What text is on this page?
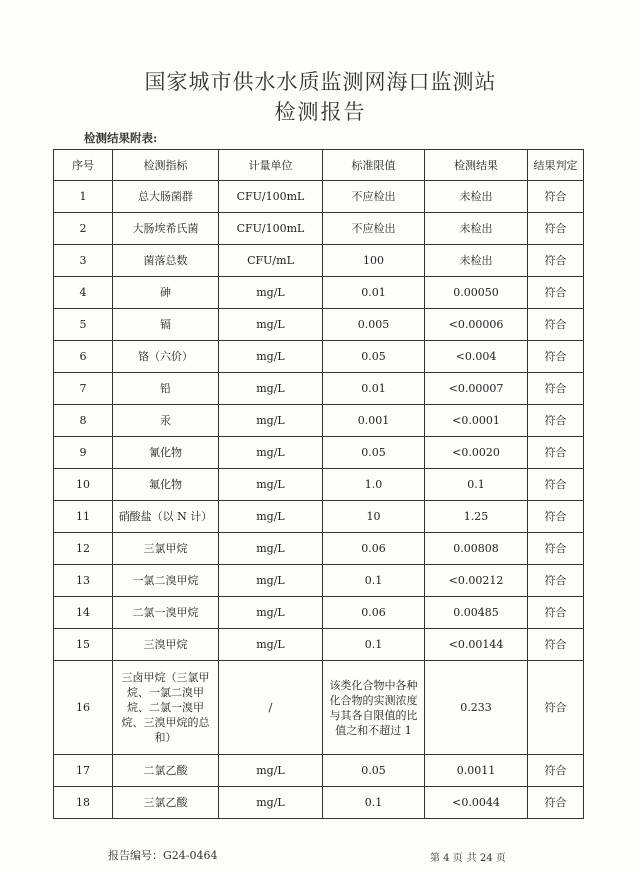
国家城市供水水质监测网海口监测站
检测报告
检测结果附表:
序号	检测指标	计量单位	标准限值	检测结果	结果判定
1	总大肠菌群	CFU/100mL	不应检出	未检出	符合
2	大肠埃希氏菌	CFU/100mL	不应检出	未检出	符合
3	菌落总数	CFU/mL	100	未检出	符合
4	砷	mg/L	0.01	0.00050	符合
5	镉	mg/L	0.005	<0.00006	符合
6	铬（六价）	mg/L	0.05	<0.004	符合
7	铅	mg/L	0.01	<0.00007	符合
8	汞	mg/L	0.001	<0.0001	符合
9	氰化物	mg/L	0.05	<0.0020	符合
10	氟化物	mg/L	1.0	0.1	符合
11	硝酸盐（以 N 计）	mg/L	10	1.25	符合
12	三氯甲烷	mg/L	0.06	0.00808	符合
13	一氯二溴甲烷	mg/L	0.1	<0.00212	符合
14	二氯一溴甲烷	mg/L	0.06	0.00485	符合
15	三溴甲烷	mg/L	0.1	<0.00144	符合
16	三卤甲烷（三氯甲烷、一氯二溴甲烷、二氯一溴甲烷、三溴甲烷的总和）	/	该类化合物中各种化合物的实测浓度与其各自限值的比值之和不超过 1	0.233	符合
17	二氯乙酸	mg/L	0.05	0.0011	符合
18	三氯乙酸	mg/L	0.1	<0.0044	符合
报告编号：G24-0464	第 4 页 共 24 页
